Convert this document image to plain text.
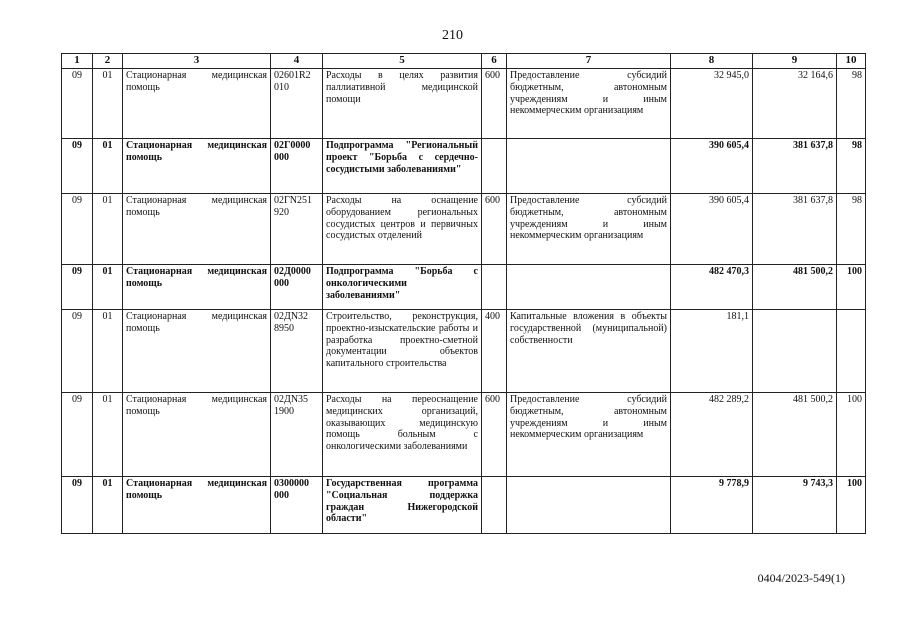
210
1	2	3	4	5	6	7	8	9	10
09	01	Стационарная медицинская помощь	02601R2 010	Расходы в целях развития паллиативной медицинской помощи	600	Предоставление субсидий бюджетным, автономным учреждениям и иным некоммерческим организациям	32 945,0	32 164,6	98
09	01	Стационарная медицинская помощь	02Г0000 000	Подпрограмма "Региональный проект "Борьба с сердечно-сосудистыми заболеваниями"			390 605,4	381 637,8	98
09	01	Стационарная медицинская помощь	02ГN251 920	Расходы на оснащение оборудованием региональных сосудистых центров и первичных сосудистых отделений	600	Предоставление субсидий бюджетным, автономным учреждениям и иным некоммерческим организациям	390 605,4	381 637,8	98
09	01	Стационарная медицинская помощь	02Д0000 000	Подпрограмма "Борьба с онкологическими заболеваниями"			482 470,3	481 500,2	100
09	01	Стационарная медицинская помощь	02ДN32 8950	Строительство, реконструкция, проектно-изыскательские работы и разработка проектно-сметной документации объектов капитального строительства	400	Капитальные вложения в объекты государственной (муниципальной) собственности	181,1		
09	01	Стационарная медицинская помощь	02ДN35 1900	Расходы на переоснащение медицинских организаций, оказывающих медицинскую помощь больным с онкологическими заболеваниями	600	Предоставление субсидий бюджетным, автономным учреждениям и иным некоммерческим организациям	482 289,2	481 500,2	100
09	01	Стационарная медицинская помощь	0300000 000	Государственная программа "Социальная поддержка граждан Нижегородской области"			9 778,9	9 743,3	100
0404/2023-549(1)
